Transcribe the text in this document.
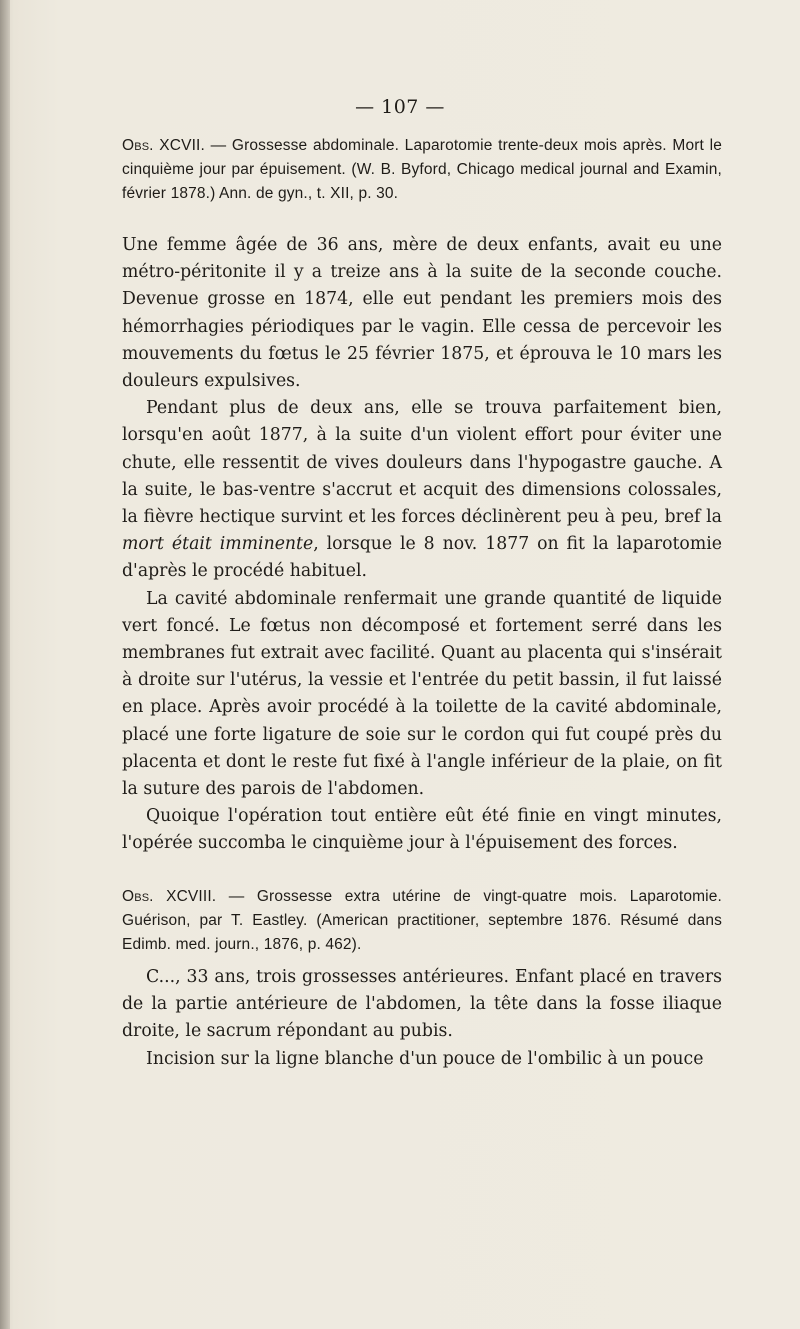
— 107 —

Obs. XCVII. — Grossesse abdominale. Laparotomie trente-deux mois après. Mort le cinquième jour par épuisement. (W. B. Byford, Chicago medical journal and Examin, février 1878.) Ann. de gyn., t. XII, p. 30.

Une femme âgée de 36 ans, mère de deux enfants, avait eu une métro-péritonite il y a treize ans à la suite de la seconde couche. Devenue grosse en 1874, elle eut pendant les premiers mois des hémorrhagies périodiques par le vagin. Elle cessa de percevoir les mouvements du fœtus le 25 février 1875, et éprouva le 10 mars les douleurs expulsives.

Pendant plus de deux ans, elle se trouva parfaitement bien, lorsqu'en août 1877, à la suite d'un violent effort pour éviter une chute, elle ressentit de vives douleurs dans l'hypogastre gauche. A la suite, le bas-ventre s'accrut et acquit des dimensions colossales, la fièvre hectique survint et les forces déclinèrent peu à peu, bref la mort était imminente, lorsque le 8 nov. 1877 on fit la laparotomie d'après le procédé habituel.

La cavité abdominale renfermait une grande quantité de liquide vert foncé. Le fœtus non décomposé et fortement serré dans les membranes fut extrait avec facilité. Quant au placenta qui s'insérait à droite sur l'utérus, la vessie et l'entrée du petit bassin, il fut laissé en place. Après avoir procédé à la toilette de la cavité abdominale, placé une forte ligature de soie sur le cordon qui fut coupé près du placenta et dont le reste fut fixé à l'angle inférieur de la plaie, on fit la suture des parois de l'abdomen.

Quoique l'opération tout entière eût été finie en vingt minutes, l'opérée succomba le cinquième jour à l'épuisement des forces.

Obs. XCVIII. — Grossesse extra utérine de vingt-quatre mois. Laparotomie. Guérison, par T. Eastley. (American practitioner, septembre 1876. Résumé dans Edimb. med. journ., 1876, p. 462).

C..., 33 ans, trois grossesses antérieures. Enfant placé en travers de la partie antérieure de l'abdomen, la tête dans la fosse iliaque droite, le sacrum répondant au pubis.

Incision sur la ligne blanche d'un pouce de l'ombilic à un pouce
